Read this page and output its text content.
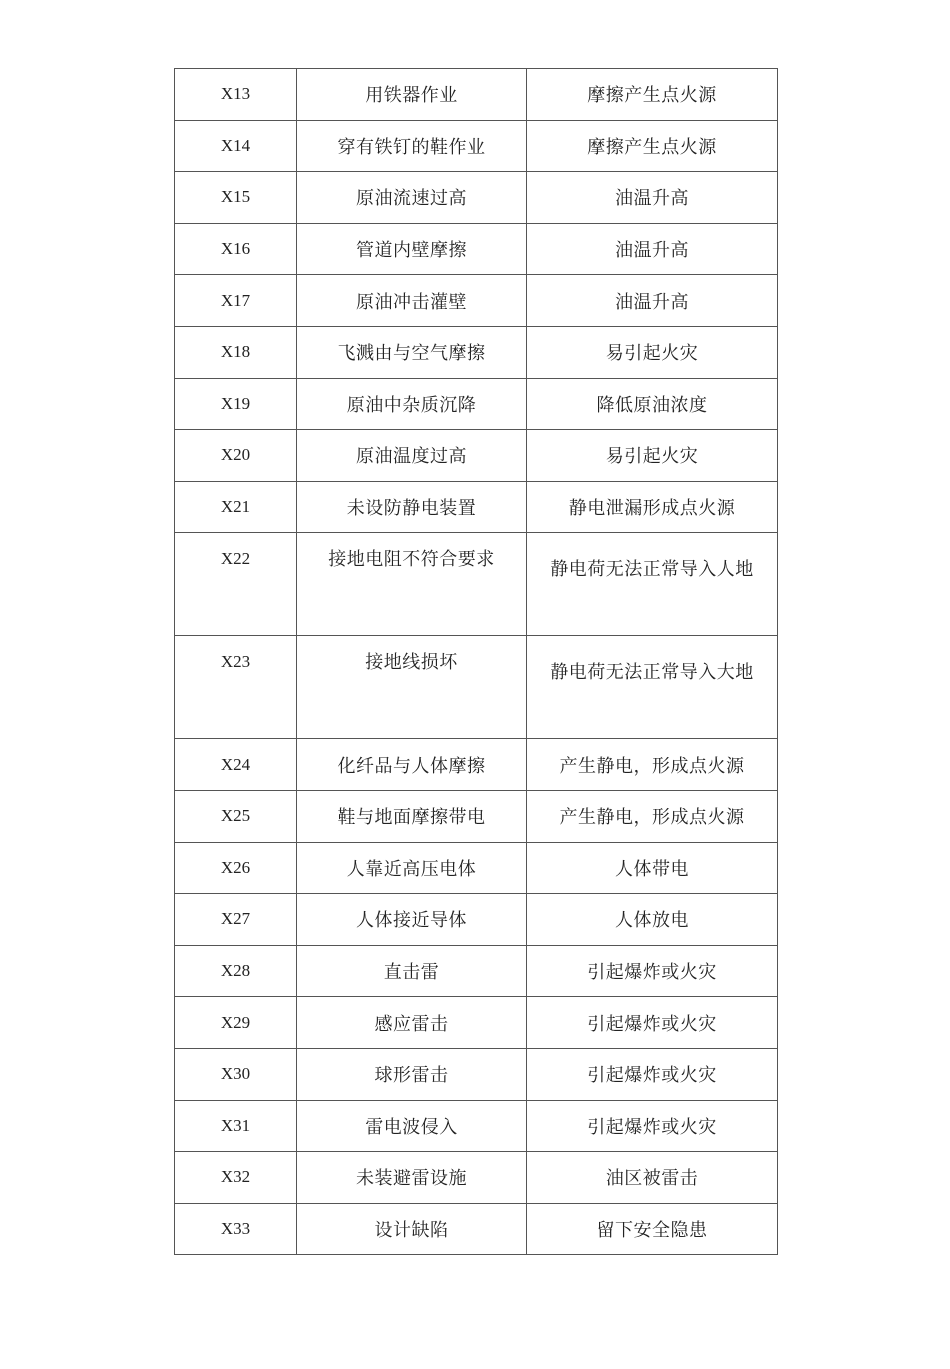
X13	用铁器作业	摩擦产生点火源
X14	穿有铁钉的鞋作业	摩擦产生点火源
X15	原油流速过高	油温升高
X16	管道内壁摩擦	油温升高
X17	原油冲击灌壁	油温升高
X18	飞溅由与空气摩擦	易引起火灾
X19	原油中杂质沉降	降低原油浓度
X20	原油温度过高	易引起火灾
X21	未设防静电装置	静电泄漏形成点火源
X22	接地电阻不符合要求	静电荷无法正常导入人地
X23	接地线损坏	静电荷无法正常导入大地
X24	化纤品与人体摩擦	产生静电，形成点火源
X25	鞋与地面摩擦带电	产生静电，形成点火源
X26	人靠近高压电体	人体带电
X27	人体接近导体	人体放电
X28	直击雷	引起爆炸或火灾
X29	感应雷击	引起爆炸或火灾
X30	球形雷击	引起爆炸或火灾
X31	雷电波侵入	引起爆炸或火灾
X32	未装避雷设施	油区被雷击
X33	设计缺陷	留下安全隐患
